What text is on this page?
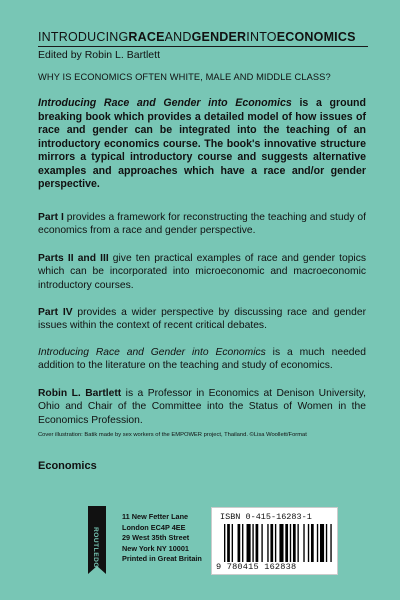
INTRODUCINGRACEANDGENDERINTOECONOMICS
Edited by Robin L. Bartlett
WHY IS ECONOMICS OFTEN WHITE, MALE AND MIDDLE CLASS?
Introducing Race and Gender into Economics is a ground breaking book which provides a detailed model of how issues of race and gender can be integrated into the teaching of an introductory economics course. The book's innovative structure mirrors a typical introductory course and suggests alternative examples and approaches which have a race and/or gender perspective.
Part I provides a framework for reconstructing the teaching and study of economics from a race and gender perspective.
Parts II and III give ten practical examples of race and gender topics which can be incorporated into microeconomic and macroeconomic introductory courses.
Part IV provides a wider perspective by discussing race and gender issues within the context of recent critical debates.
Introducing Race and Gender into Economics is a much needed addition to the literature on the teaching and study of economics.
Robin L. Bartlett is a Professor in Economics at Denison University, Ohio and Chair of the Committee into the Status of Women in the Economics Profession.
Cover illustration: Batik made by sex workers of the EMPOWER project, Thailand. ©Lisa Woollett/Format
Economics
ROUTLEDGE
11 New Fetter Lane
London EC4P 4EE
29 West 35th Street
New York NY 10001
Printed in Great Britain
ISBN 0-415-16283-1
9 780415 162838
